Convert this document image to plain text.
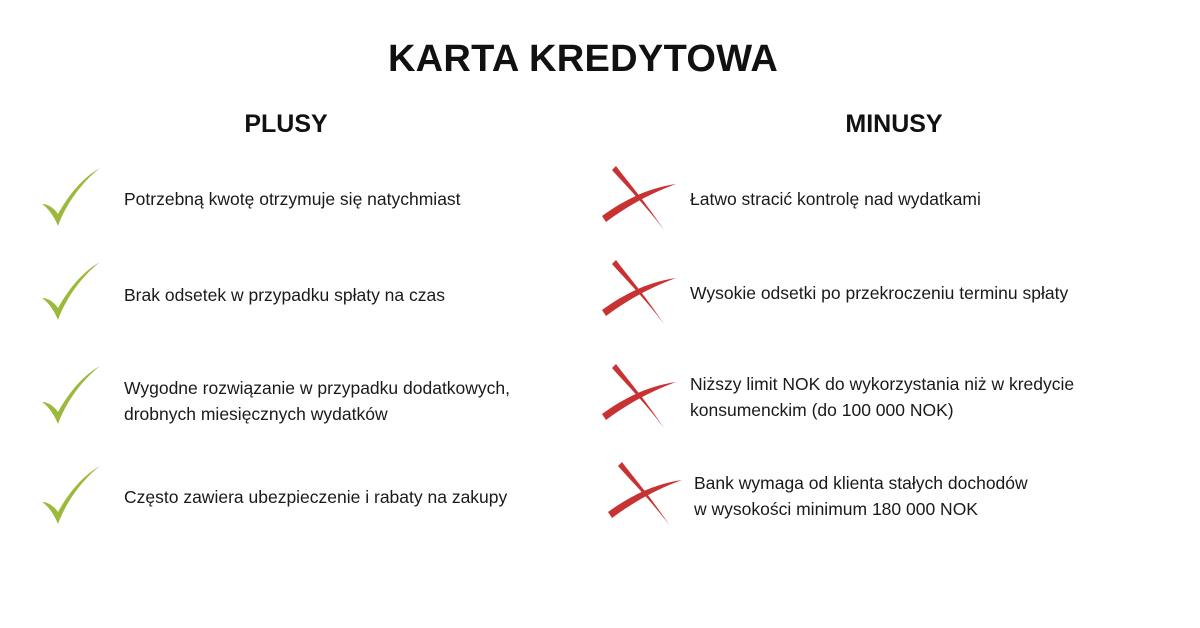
KARTA KREDYTOWA
PLUSY	MINUSY
Potrzebną kwotę otrzymuje się natychmiast
Brak odsetek w przypadku spłaty na czas
Wygodne rozwiązanie w przypadku dodatkowych,
drobnych miesięcznych wydatków
Często zawiera ubezpieczenie i rabaty na zakupy
Łatwo stracić kontrolę nad wydatkami
Wysokie odsetki po przekroczeniu terminu spłaty
Niższy limit NOK do wykorzystania niż w kredycie
konsumenckim (do 100 000 NOK)
Bank wymaga od klienta stałych dochodów
w wysokości minimum 180 000 NOK
